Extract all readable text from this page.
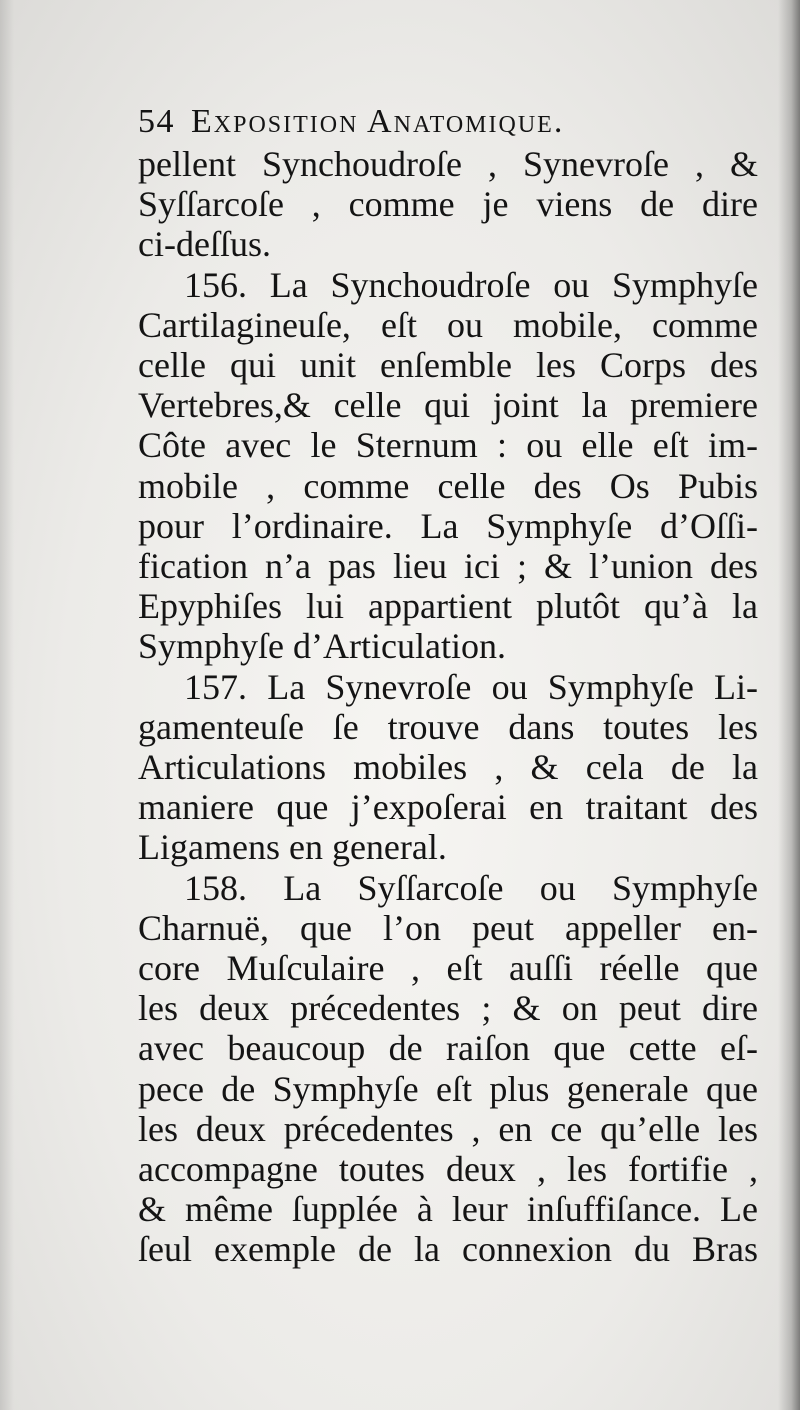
54 Exposition Anatomique.
pellent Synchoudroſe , Synevroſe , &
Syſſarcoſe , comme je viens de dire
ci-deſſus.
156. La Synchoudroſe ou Symphyſe
Cartilagineuſe, eſt ou mobile, comme
celle qui unit enſemble les Corps des
Vertebres,& celle qui joint la premiere
Côte avec le Sternum : ou elle eſt im-
mobile , comme celle des Os Pubis
pour l’ordinaire. La Symphyſe d’Oſſi-
fication n’a pas lieu ici ; & l’union des
Epyphiſes lui appartient plutôt qu’à la
Symphyſe d’Articulation.
157. La Synevroſe ou Symphyſe Li-
gamenteuſe ſe trouve dans toutes les
Articulations mobiles , & cela de la
maniere que j’expoſerai en traitant des
Ligamens en general.
158. La Syſſarcoſe ou Symphyſe
Charnuë, que l’on peut appeller en-
core Muſculaire , eſt auſſi réelle que
les deux précedentes ; & on peut dire
avec beaucoup de raiſon que cette eſ-
pece de Symphyſe eſt plus generale que
les deux précedentes , en ce qu’elle les
accompagne toutes deux , les fortifie ,
& même ſupplée à leur inſuffiſance. Le
ſeul exemple de la connexion du Bras
